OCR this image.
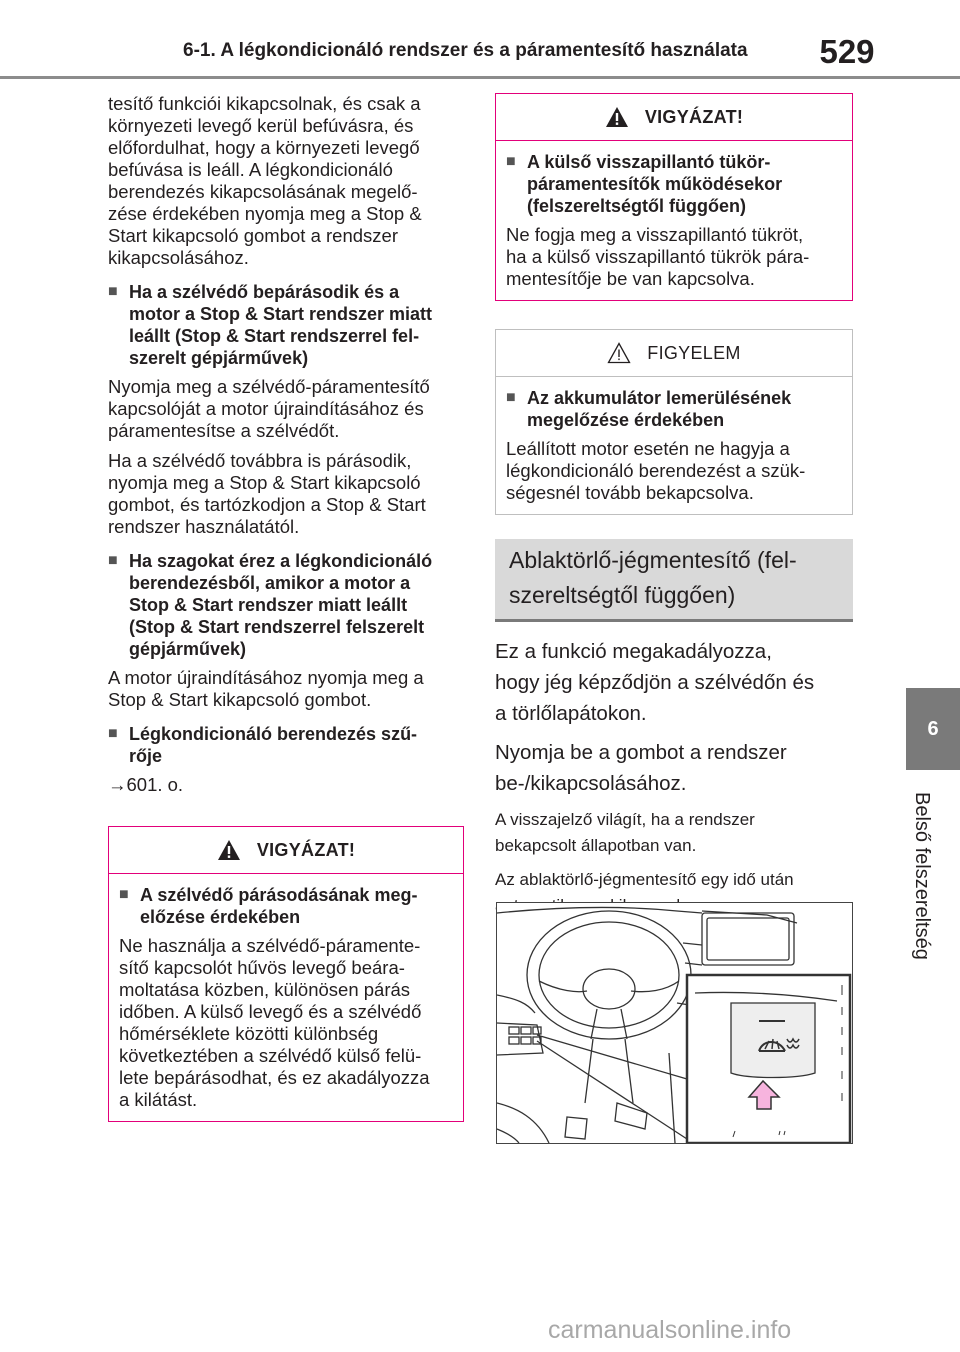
6-1. A légkondicionáló rendszer és a páramentesítő használata	529
6
Belső felszereltség
tesítő funkciói kikapcsolnak, és csak a
környezeti levegő kerül befúvásra, és
előfordulhat, hogy a környezeti levegő
befúvása is leáll. A légkondicionáló
berendezés kikapcsolásának megelő-
zése érdekében nyomja meg a Stop &
Start kikapcsoló gombot a rendszer
kikapcsolásához.
■ Ha a szélvédő bepárásodik és a
motor a Stop & Start rendszer miatt
leállt (Stop & Start rendszerrel fel-
szerelt gépjárművek)
Nyomja meg a szélvédő-páramentesítő
kapcsolóját a motor újraindításához és
páramentesítse a szélvédőt.
Ha a szélvédő továbbra is párásodik,
nyomja meg a Stop & Start kikapcsoló
gombot, és tartózkodjon a Stop & Start
rendszer használatától.
■ Ha szagokat érez a légkondicionáló
berendezésből, amikor a motor a
Stop & Start rendszer miatt leállt
(Stop & Start rendszerrel felszerelt
gépjárművek)
A motor újraindításához nyomja meg a
Stop & Start kikapcsoló gombot.
■ Légkondicionáló berendezés szű-
rője
→601. o.
VIGYÁZAT!
■ A szélvédő párásodásának meg-
előzése érdekében
Ne használja a szélvédő-páramente-
sítő kapcsolót hűvös levegő beára-
moltatása közben, különösen párás
időben. A külső levegő és a szélvédő
hőmérséklete közötti különbség
következtében a szélvédő külső felü-
lete bepárásodhat, és ez akadályozza
a kilátást.
VIGYÁZAT!
■ A külső visszapillantó tükör-
páramentesítők működésekor
(felszereltségtől függően)
Ne fogja meg a visszapillantó tükröt,
ha a külső visszapillantó tükrök pára-
mentesítője be van kapcsolva.
FIGYELEM
■ Az akkumulátor lemerülésének
megelőzése érdekében
Leállított motor esetén ne hagyja a
légkondicionáló berendezést a szük-
ségesnél tovább bekapcsolva.
Ablaktörlő-jégmentesítő (fel-
szereltségtől függően)
Ez a funkció megakadályozza,
hogy jég képződjön a szélvédőn és
a törlőlapátokon.
Nyomja be a gombot a rendszer
be-/kikapcsolásához.
A visszajelző világít, ha a rendszer
bekapcsolt állapotban van.
Az ablaktörlő-jégmentesítő egy idő után
carmanualsonline.info
